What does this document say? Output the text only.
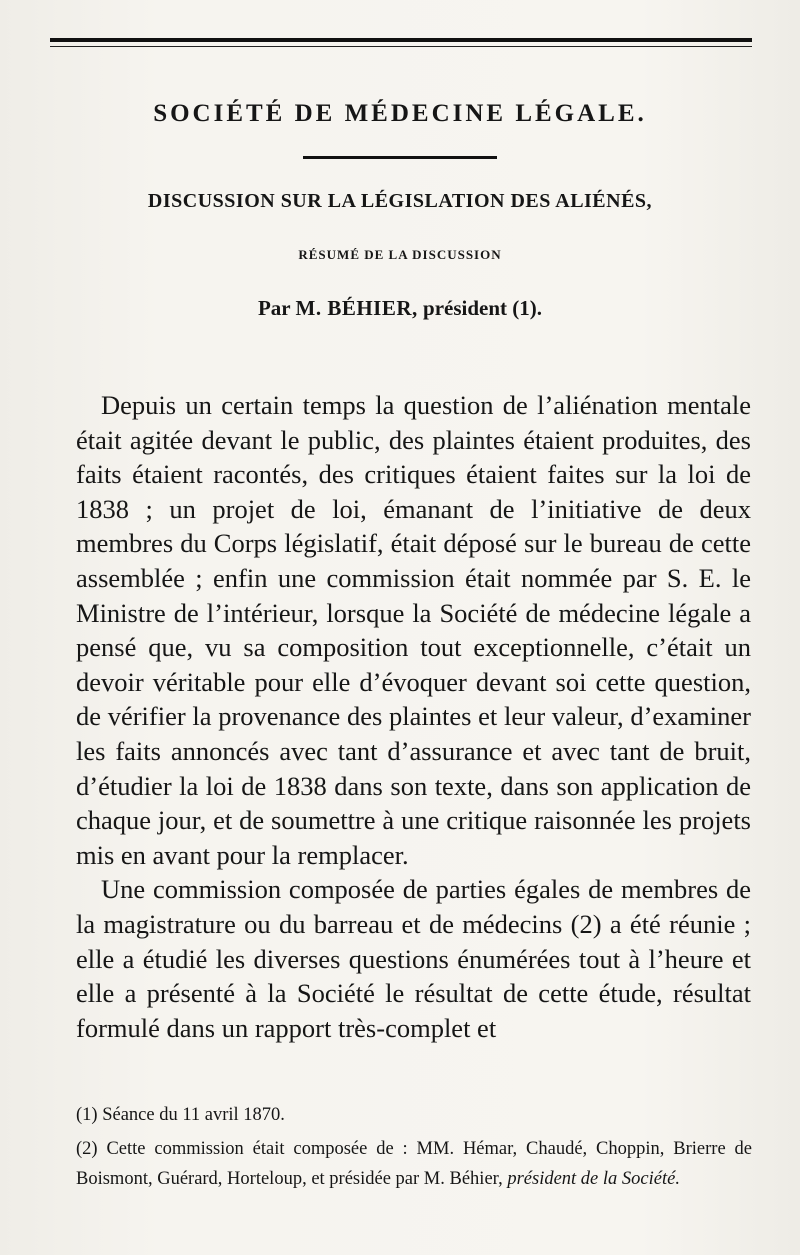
SOCIÉTÉ DE MÉDECINE LÉGALE.
DISCUSSION SUR LA LÉGISLATION DES ALIÉNÉS,
RÉSUMÉ DE LA DISCUSSION
Par M. BÉHIER, président (1).

Depuis un certain temps la question de l’aliénation mentale était agitée devant le public, des plaintes étaient produites, des faits étaient racontés, des critiques étaient faites sur la loi de 1838 ; un projet de loi, émanant de l’initiative de deux membres du Corps législatif, était déposé sur le bureau de cette assemblée ; enfin une commission était nommée par S. E. le Ministre de l’intérieur, lorsque la Société de médecine légale a pensé que, vu sa composition tout exceptionnelle, c’était un devoir véritable pour elle d’évoquer devant soi cette question, de vérifier la provenance des plaintes et leur valeur, d’examiner les faits annoncés avec tant d’assurance et avec tant de bruit, d’étudier la loi de 1838 dans son texte, dans son application de chaque jour, et de soumettre à une critique raisonnée les projets mis en avant pour la remplacer.

Une commission composée de parties égales de membres de la magistrature ou du barreau et de médecins (2) a été réunie ; elle a étudié les diverses questions énumérées tout à l’heure et elle a présenté à la Société le résultat de cette étude, résultat formulé dans un rapport très-complet et

(1) Séance du 11 avril 1870.

(2) Cette commission était composée de : MM. Hémar, Chaudé, Choppin, Brierre de Boismont, Guérard, Horteloup, et présidée par M. Béhier, président de la Société.
